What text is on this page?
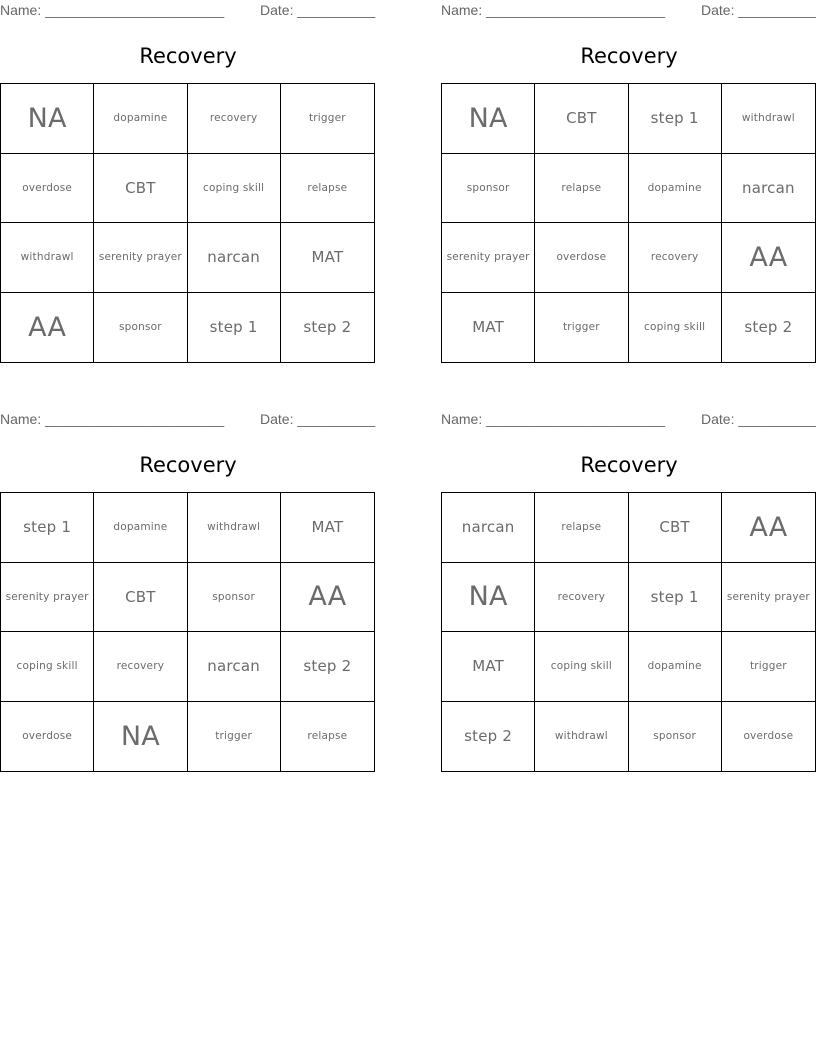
Name: _______________________	Date: __________
Recovery
NA	dopamine	recovery	trigger
overdose	CBT	coping skill	relapse
withdrawl	serenity prayer	narcan	MAT
AA	sponsor	step 1	step 2
Name: _______________________	Date: __________
Recovery
NA	CBT	step 1	withdrawl
sponsor	relapse	dopamine	narcan
serenity prayer	overdose	recovery	AA
MAT	trigger	coping skill	step 2
Name: _______________________	Date: __________
Recovery
step 1	dopamine	withdrawl	MAT
serenity prayer	CBT	sponsor	AA
coping skill	recovery	narcan	step 2
overdose	NA	trigger	relapse
Name: _______________________	Date: __________
Recovery
narcan	relapse	CBT	AA
NA	recovery	step 1	serenity prayer
MAT	coping skill	dopamine	trigger
step 2	withdrawl	sponsor	overdose
